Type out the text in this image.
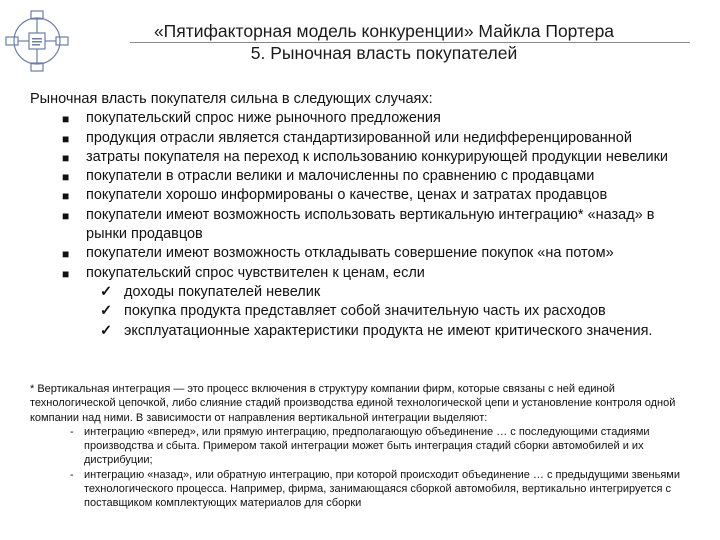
«Пятифакторная модель конкуренции» Майкла Портера
5. Рыночная власть покупателей

Рыночная власть покупателя сильна в следующих случаях:

■ покупательский спрос ниже рыночного предложения
■ продукция отрасли является стандартизированной или недифференцированной
■ затраты покупателя на переход к использованию конкурирующей продукции невелики
■ покупатели в отрасли велики и малочисленны по сравнению с продавцами
■ покупатели хорошо информированы о качестве, ценах и затратах продавцов
■ покупатели имеют возможность использовать вертикальную интеграцию* «назад» в рынки продавцов
■ покупатели имеют возможность откладывать совершение покупок «на потом»
■ покупательский спрос чувствителен к ценам, если
✓ доходы покупателей невелик
✓ покупка продукта представляет собой значительную часть их расходов
✓ эксплуатационные характеристики продукта не имеют критического значения.

* Вертикальная интеграция — это процесс включения в структуру компании фирм, которые связаны с ней единой технологической цепочкой, либо слияние стадий производства единой технологической цепи и установление контроля одной компании над ними. В зависимости от направления вертикальной интеграции выделяют:

- интеграцию «вперед», или прямую интеграцию, предполагающую объединение … с последующими стадиями производства и сбыта. Примером такой интеграции может быть интеграция стадий сборки автомобилей и их дистрибуции;
- интеграцию «назад», или обратную интеграцию, при которой происходит объединение … с предыдущими звеньями технологического процесса. Например, фирма, занимающаяся сборкой автомобиля, вертикально интегрируется с поставщиком комплектующих материалов для сборки
